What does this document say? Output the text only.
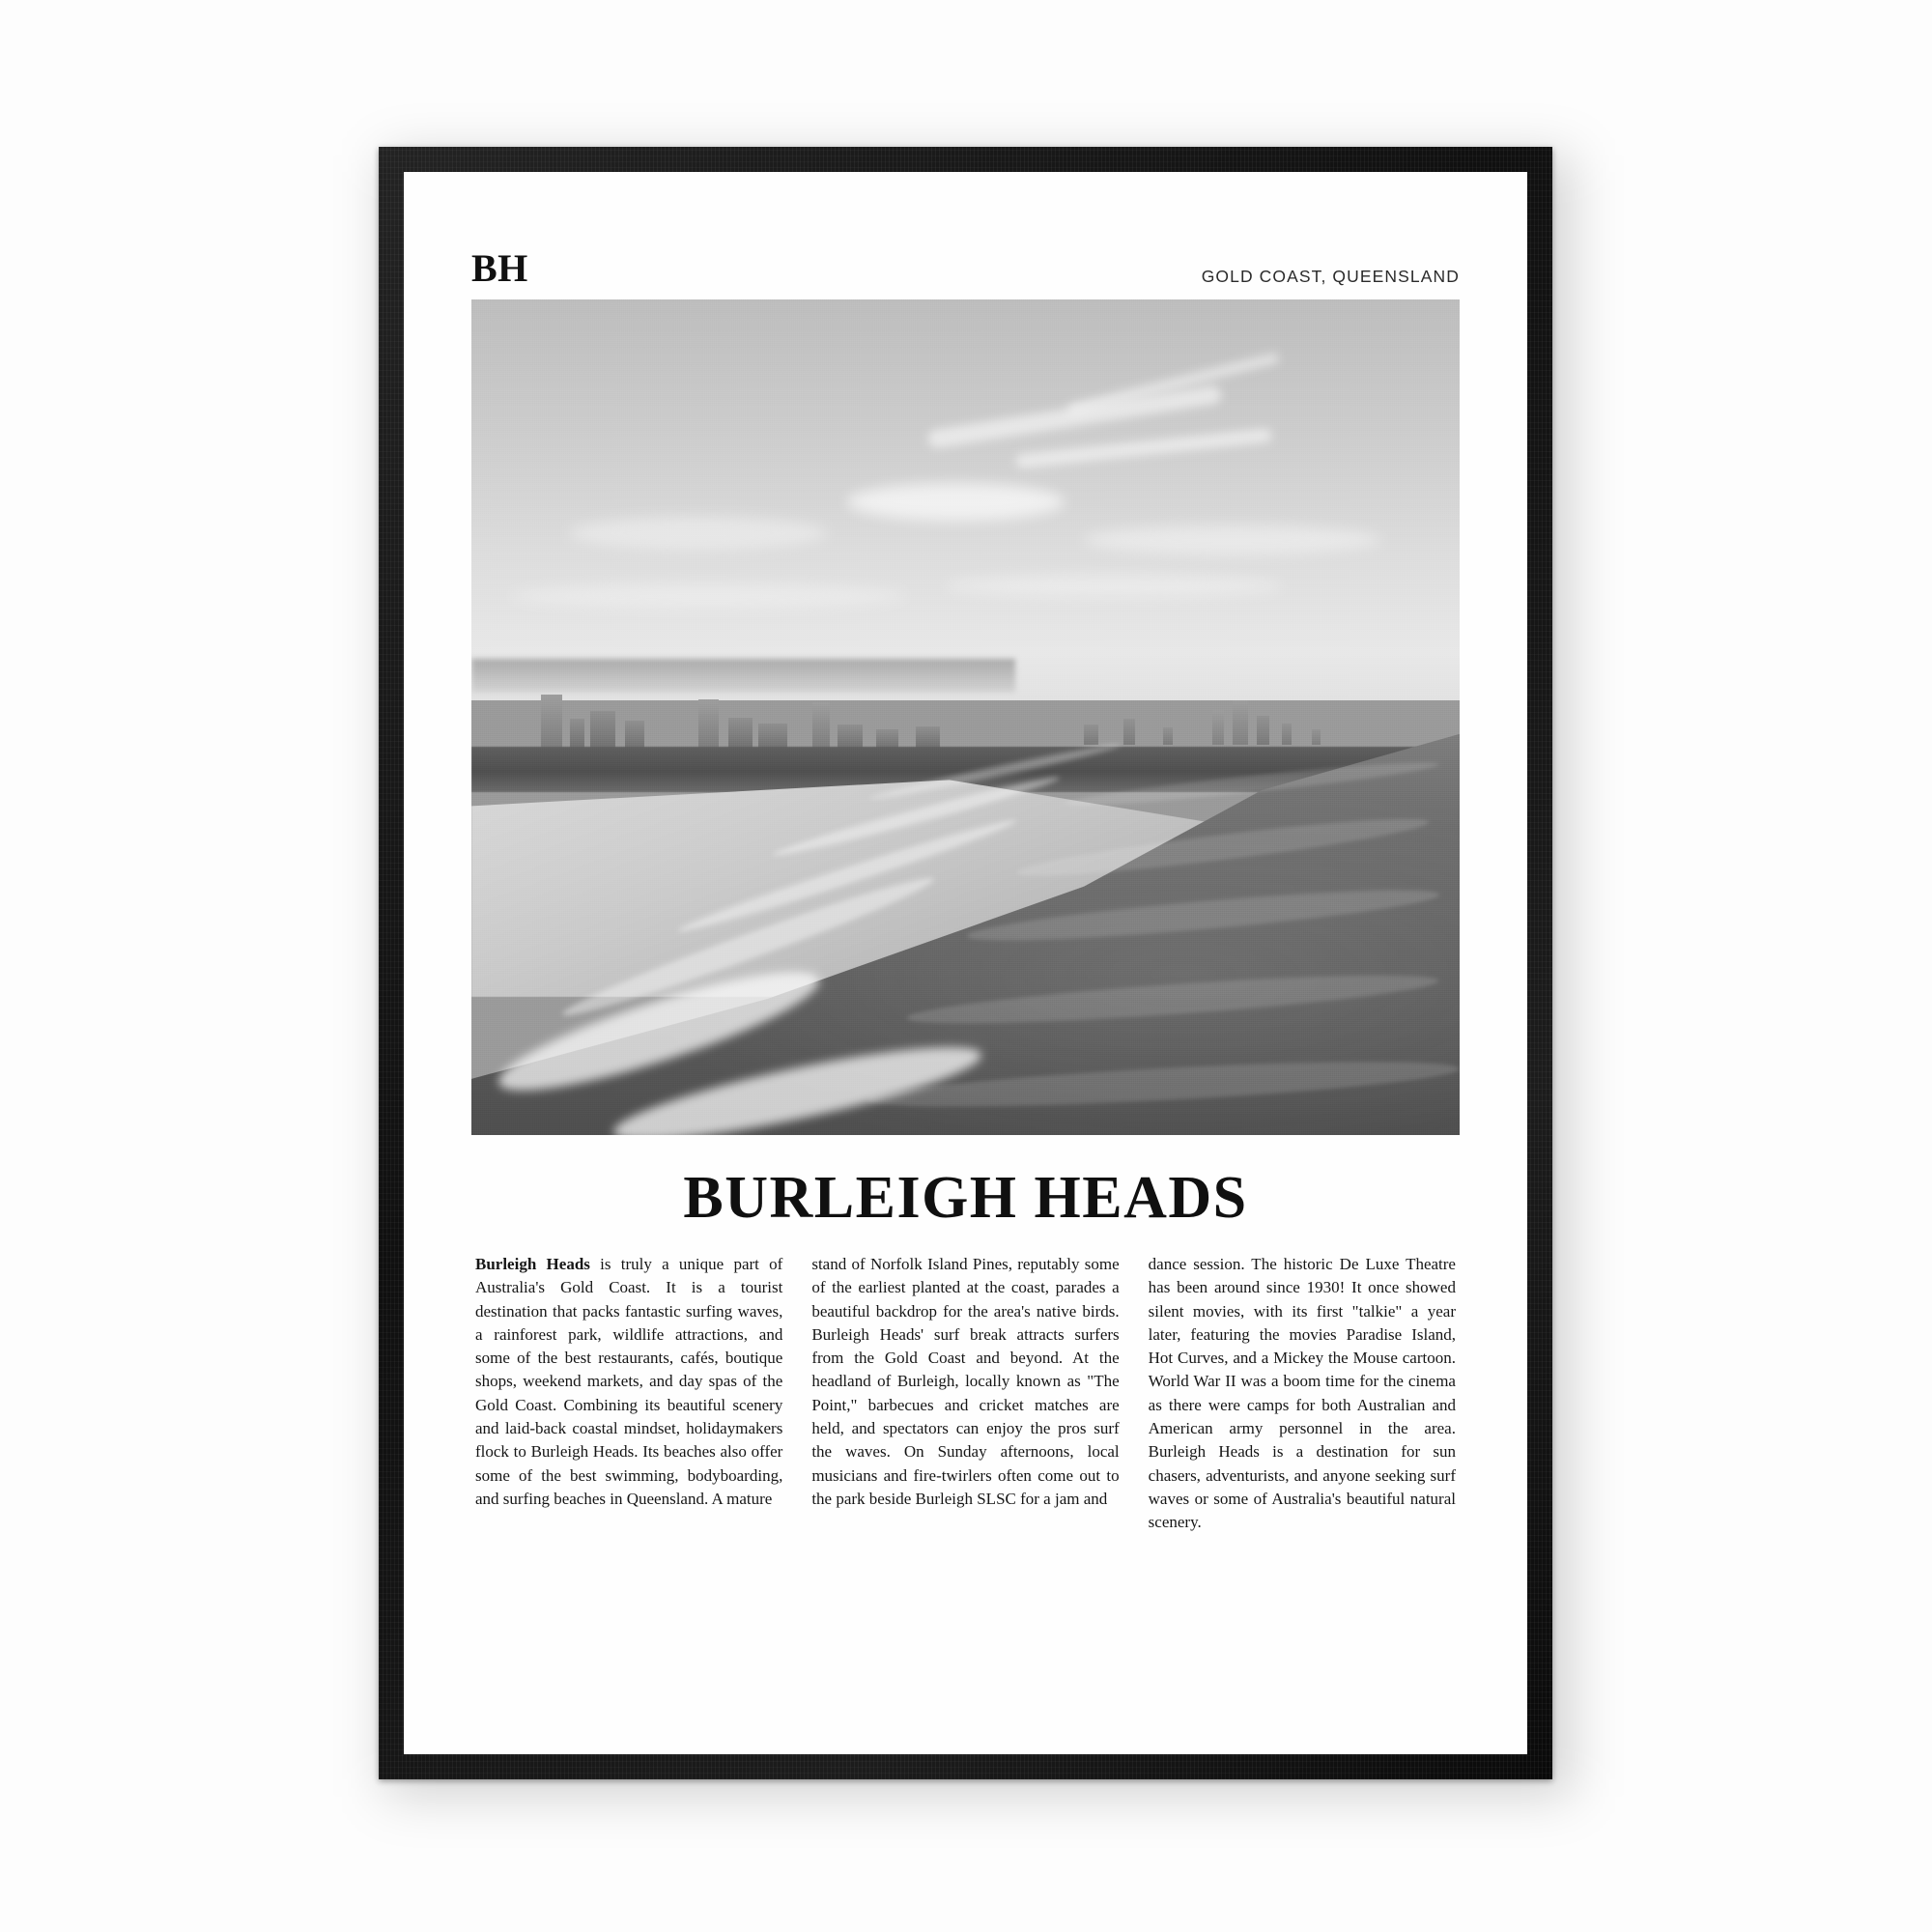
BH	GOLD COAST, QUEENSLAND
BURLEIGH HEADS
Burleigh Heads is truly a unique part of Australia's Gold Coast. It is a tourist destination that packs fantastic surfing waves, a rainforest park, wildlife attractions, and some of the best restaurants, cafés, boutique shops, weekend markets, and day spas of the Gold Coast. Combining its beautiful scenery and laid-back coastal mindset, holidaymakers flock to Burleigh Heads. Its beaches also offer some of the best swimming, bodyboarding, and surfing beaches in Queensland. A mature
stand of Norfolk Island Pines, reputably some of the earliest planted at the coast, parades a beautiful backdrop for the area's native birds. Burleigh Heads' surf break attracts surfers from the Gold Coast and beyond. At the headland of Burleigh, locally known as "The Point," barbecues and cricket matches are held, and spectators can enjoy the pros surf the waves. On Sunday afternoons, local musicians and fire-twirlers often come out to the park beside Burleigh SLSC for a jam and
dance session. The historic De Luxe Theatre has been around since 1930! It once showed silent movies, with its first "talkie" a year later, featuring the movies Paradise Island, Hot Curves, and a Mickey the Mouse cartoon. World War II was a boom time for the cinema as there were camps for both Australian and American army personnel in the area. Burleigh Heads is a destination for sun chasers, adventurists, and anyone seeking surf waves or some of Australia's beautiful natural scenery.
